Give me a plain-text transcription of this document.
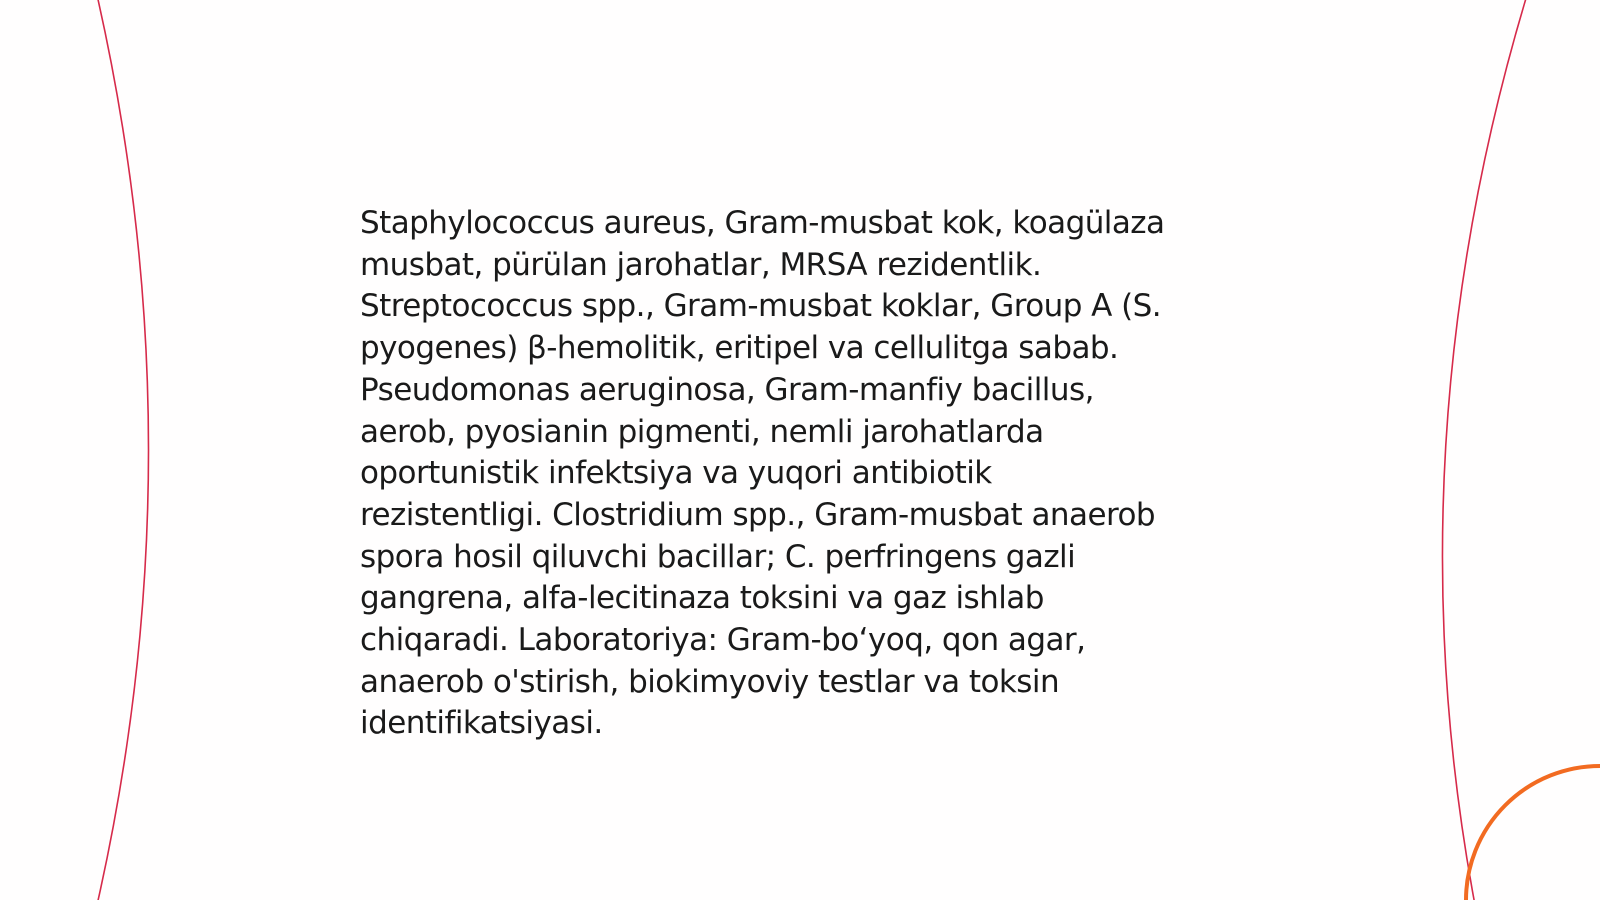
Staphylococcus aureus, Gram-musbat kok, koagülaza
musbat, pürülan jarohatlar, MRSA rezidentlik.
Streptococcus spp., Gram-musbat koklar, Group A (S.
pyogenes) β-hemolitik, eritipel va cellulitga sabab.
Pseudomonas aeruginosa, Gram-manfiy bacillus,
aerob, pyosianin pigmenti, nemli jarohatlarda
oportunistik infektsiya va yuqori antibiotik
rezistentligi. Clostridium spp., Gram-musbat anaerob
spora hosil qiluvchi bacillar; C. perfringens gazli
gangrena, alfa-lecitinaza toksini va gaz ishlab
chiqaradi. Laboratoriya: Gram-bo‘yoq, qon agar,
anaerob o'stirish, biokimyoviy testlar va toksin
identifikatsiyasi.
